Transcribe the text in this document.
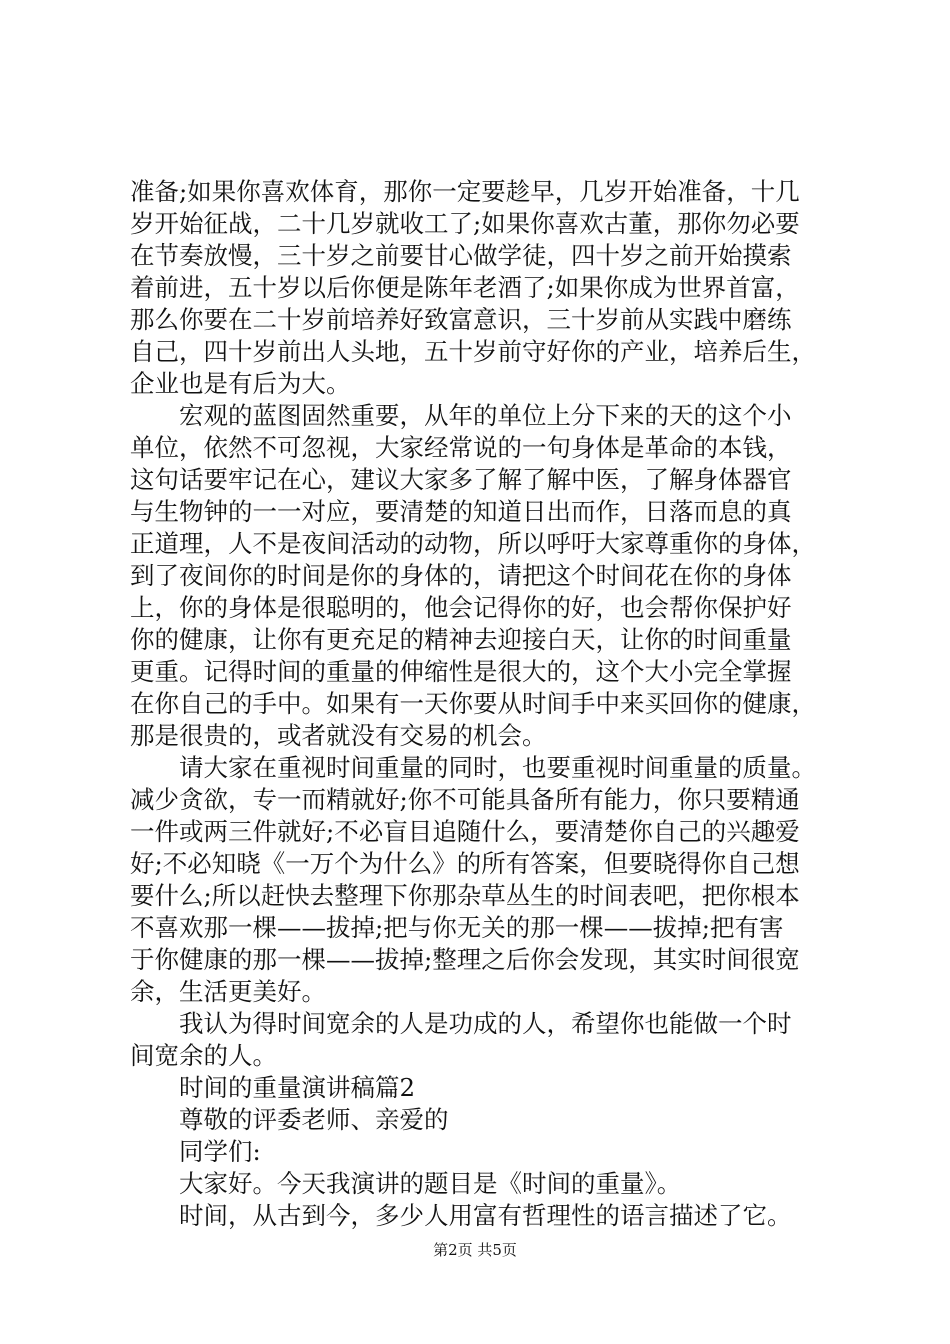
准备;如果你喜欢体育，那你一定要趁早，几岁开始准备，十几
岁开始征战，二十几岁就收工了;如果你喜欢古董，那你勿必要
在节奏放慢，三十岁之前要甘心做学徒，四十岁之前开始摸索
着前进，五十岁以后你便是陈年老酒了;如果你成为世界首富，
那么你要在二十岁前培养好致富意识，三十岁前从实践中磨练
自己，四十岁前出人头地，五十岁前守好你的产业，培养后生，
企业也是有后为大。
　　宏观的蓝图固然重要，从年的单位上分下来的天的这个小
单位，依然不可忽视，大家经常说的一句身体是革命的本钱，
这句话要牢记在心，建议大家多了解了解中医，了解身体器官
与生物钟的一一对应，要清楚的知道日出而作，日落而息的真
正道理，人不是夜间活动的动物，所以呼吁大家尊重你的身体，
到了夜间你的时间是你的身体的，请把这个时间花在你的身体
上，你的身体是很聪明的，他会记得你的好，也会帮你保护好
你的健康，让你有更充足的精神去迎接白天，让你的时间重量
更重。记得时间的重量的伸缩性是很大的，这个大小完全掌握
在你自己的手中。如果有一天你要从时间手中来买回你的健康，
那是很贵的，或者就没有交易的机会。
　　请大家在重视时间重量的同时，也要重视时间重量的质量。
减少贪欲，专一而精就好;你不可能具备所有能力，你只要精通
一件或两三件就好;不必盲目追随什么，要清楚你自己的兴趣爱
好;不必知晓《一万个为什么》的所有答案，但要晓得你自己想
要什么;所以赶快去整理下你那杂草丛生的时间表吧，把你根本
不喜欢那一棵——拔掉;把与你无关的那一棵——拔掉;把有害
于你健康的那一棵——拔掉;整理之后你会发现，其实时间很宽
余，生活更美好。
　　我认为得时间宽余的人是功成的人，希望你也能做一个时
间宽余的人。
　　时间的重量演讲稿篇2
　　尊敬的评委老师、亲爱的
　　同学们:
　　大家好。今天我演讲的题目是《时间的重量》。
　　时间，从古到今，多少人用富有哲理性的语言描述了它。
第2页 共5页
